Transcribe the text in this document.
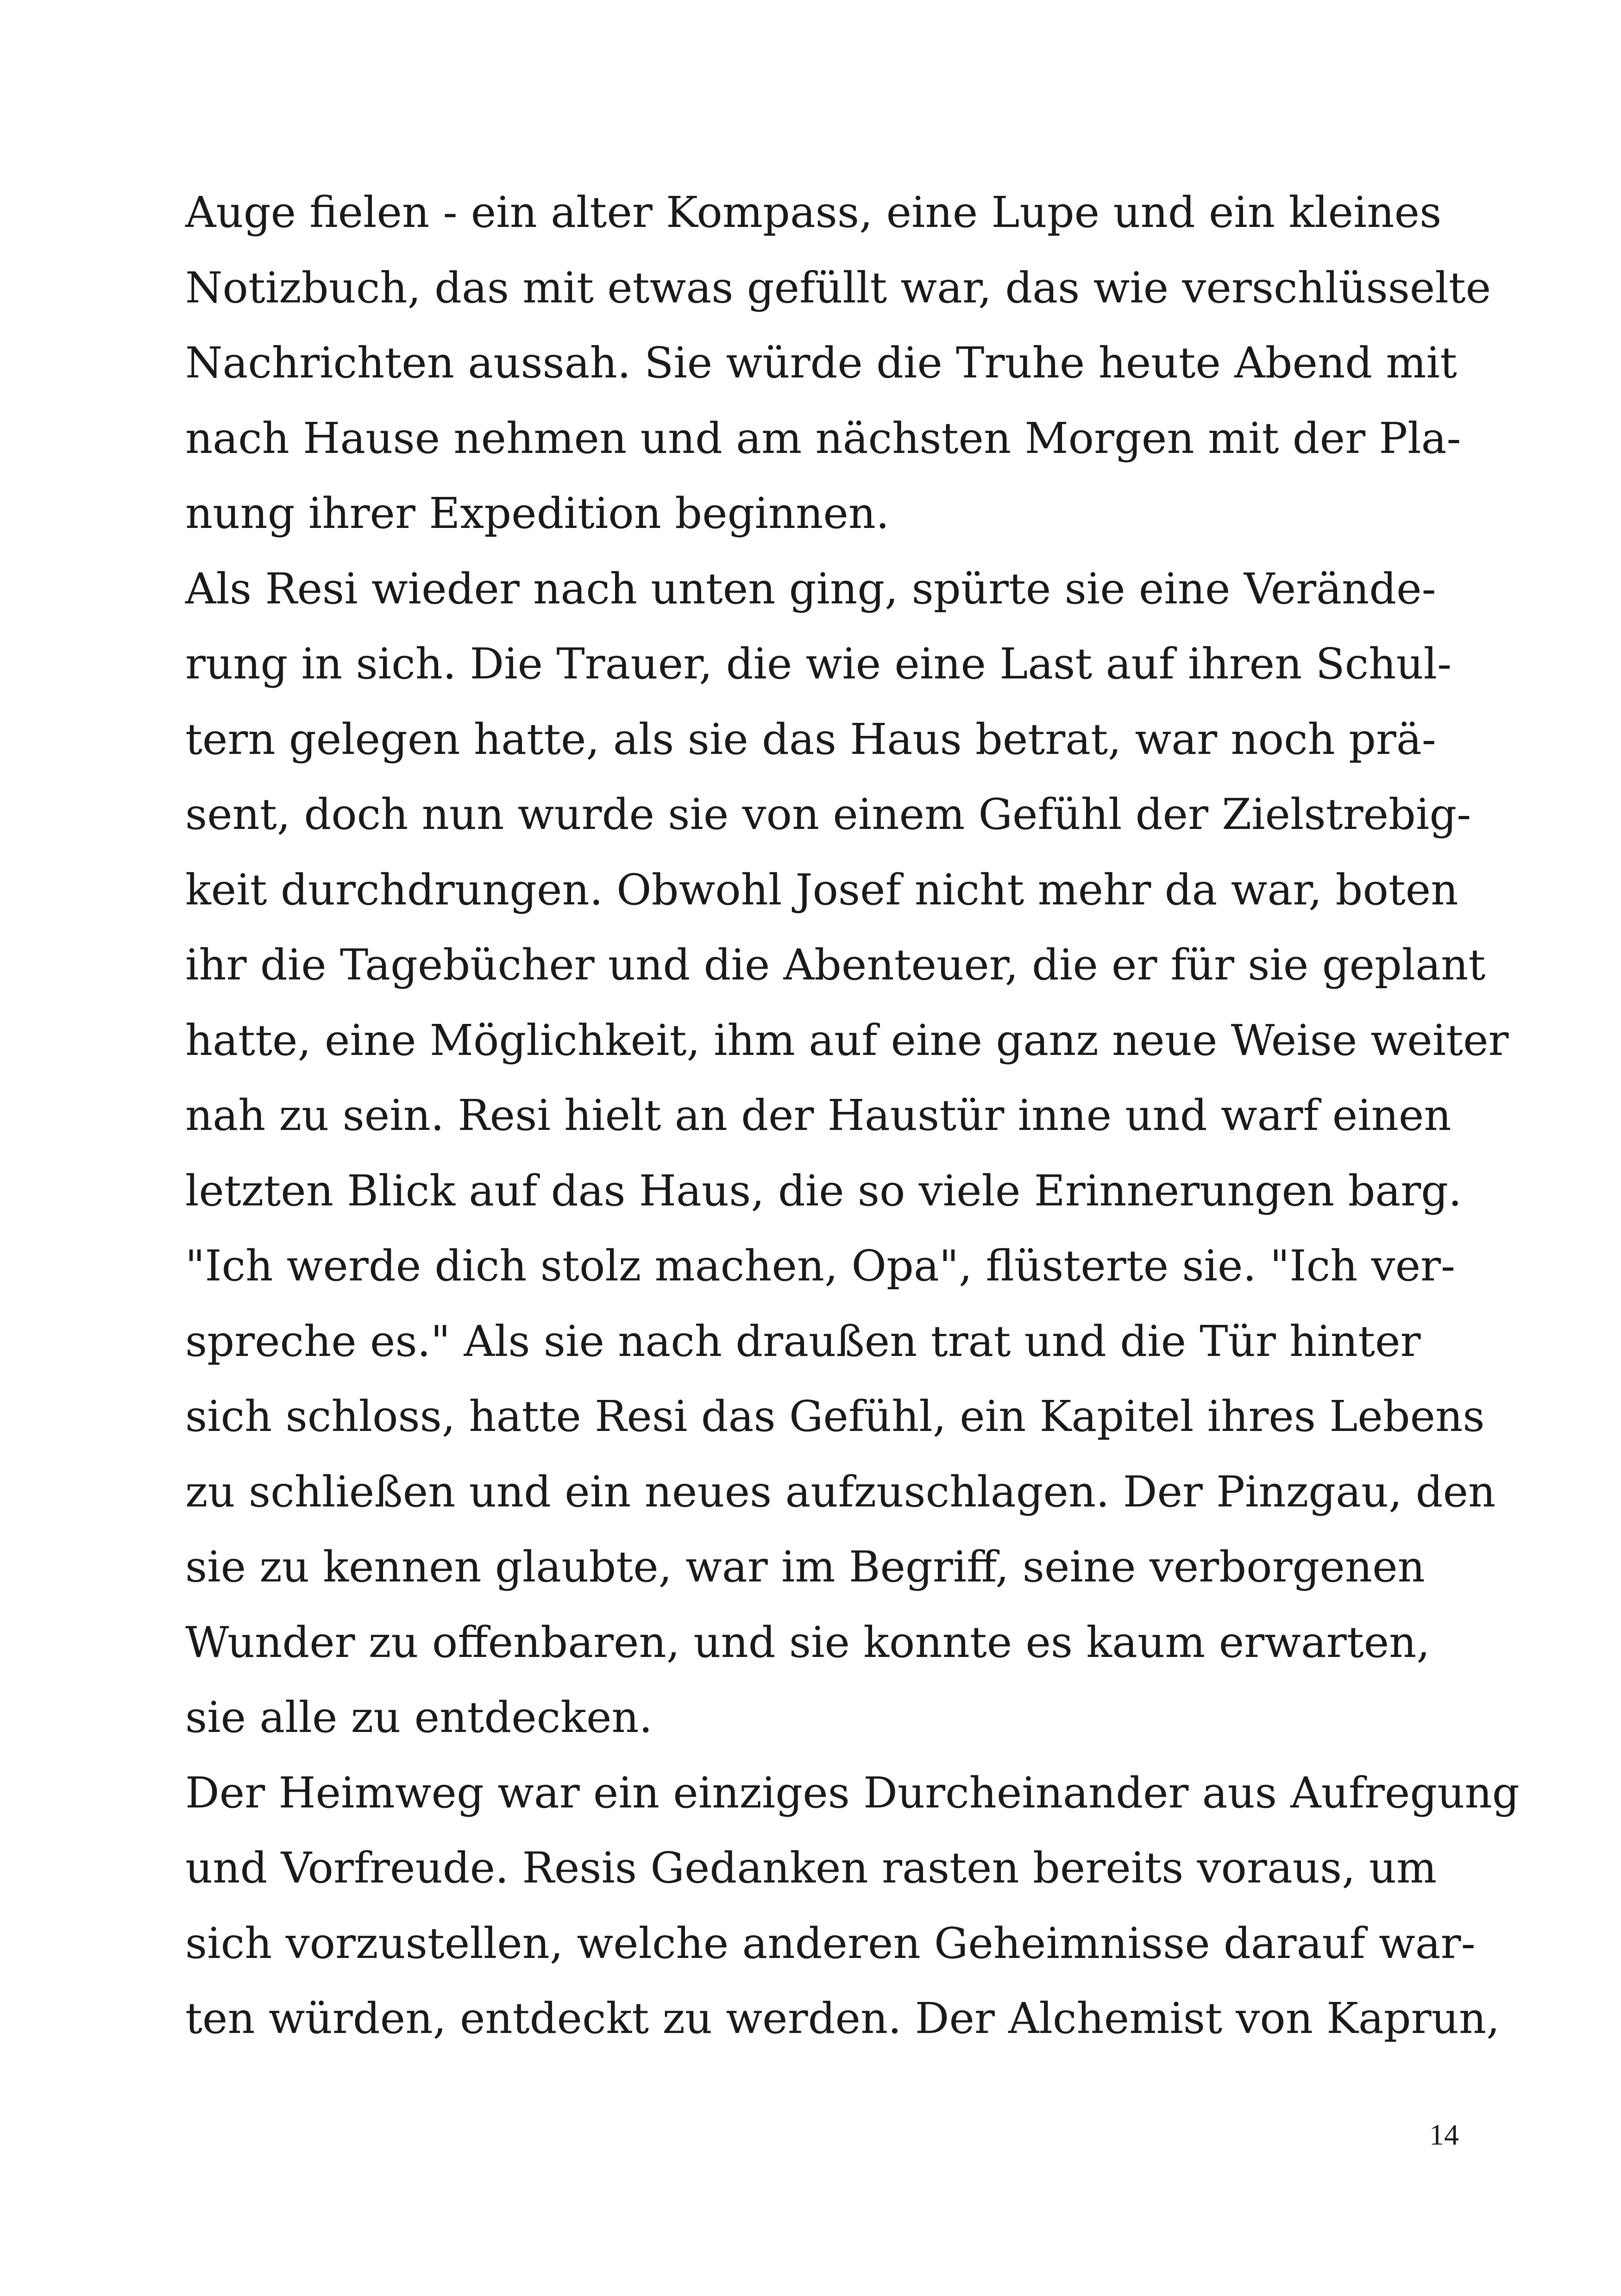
Auge fielen - ein alter Kompass, eine Lupe und ein kleines
Notizbuch, das mit etwas gefüllt war, das wie verschlüsselte
Nachrichten aussah. Sie würde die Truhe heute Abend mit
nach Hause nehmen und am nächsten Morgen mit der Pla-
nung ihrer Expedition beginnen.
Als Resi wieder nach unten ging, spürte sie eine Verände-
rung in sich. Die Trauer, die wie eine Last auf ihren Schul-
tern gelegen hatte, als sie das Haus betrat, war noch prä-
sent, doch nun wurde sie von einem Gefühl der Zielstrebig-
keit durchdrungen. Obwohl Josef nicht mehr da war, boten
ihr die Tagebücher und die Abenteuer, die er für sie geplant
hatte, eine Möglichkeit, ihm auf eine ganz neue Weise weiter
nah zu sein. Resi hielt an der Haustür inne und warf einen
letzten Blick auf das Haus, die so viele Erinnerungen barg.
"Ich werde dich stolz machen, Opa", flüsterte sie. "Ich ver-
spreche es." Als sie nach draußen trat und die Tür hinter
sich schloss, hatte Resi das Gefühl, ein Kapitel ihres Lebens
zu schließen und ein neues aufzuschlagen. Der Pinzgau, den
sie zu kennen glaubte, war im Begriff, seine verborgenen
Wunder zu offenbaren, und sie konnte es kaum erwarten,
sie alle zu entdecken.
Der Heimweg war ein einziges Durcheinander aus Aufregung
und Vorfreude. Resis Gedanken rasten bereits voraus, um
sich vorzustellen, welche anderen Geheimnisse darauf war-
ten würden, entdeckt zu werden. Der Alchemist von Kaprun,
14
